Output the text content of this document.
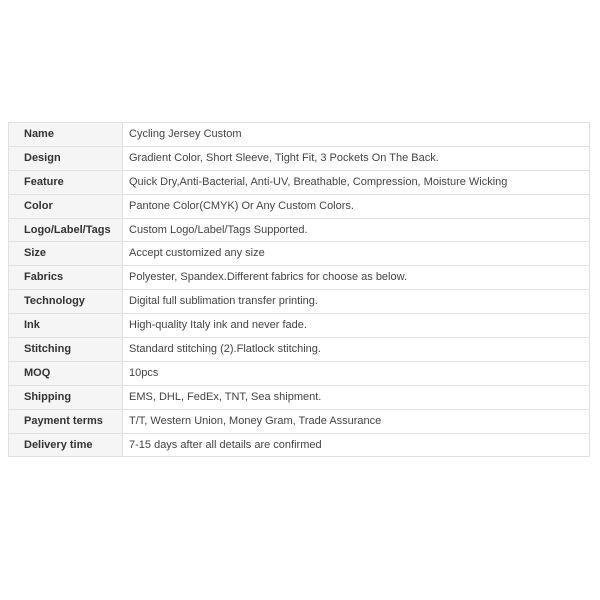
Name	Cycling Jersey Custom
Design	Gradient Color, Short Sleeve, Tight Fit, 3 Pockets On The Back.
Feature	Quick Dry,Anti-Bacterial, Anti-UV, Breathable, Compression, Moisture Wicking
Color	Pantone Color(CMYK) Or Any Custom Colors.
Logo/Label/Tags	Custom Logo/Label/Tags Supported.
Size	Accept customized any size
Fabrics	Polyester, Spandex.Different fabrics for choose as below.
Technology	Digital full sublimation transfer printing.
Ink	High-quality Italy ink and never fade.
Stitching	Standard stitching (2).Flatlock stitching.
MOQ	10pcs
Shipping	EMS, DHL, FedEx, TNT, Sea shipment.
Payment terms	T/T, Western Union, Money Gram, Trade Assurance
Delivery time	7-15 days after all details are confirmed
